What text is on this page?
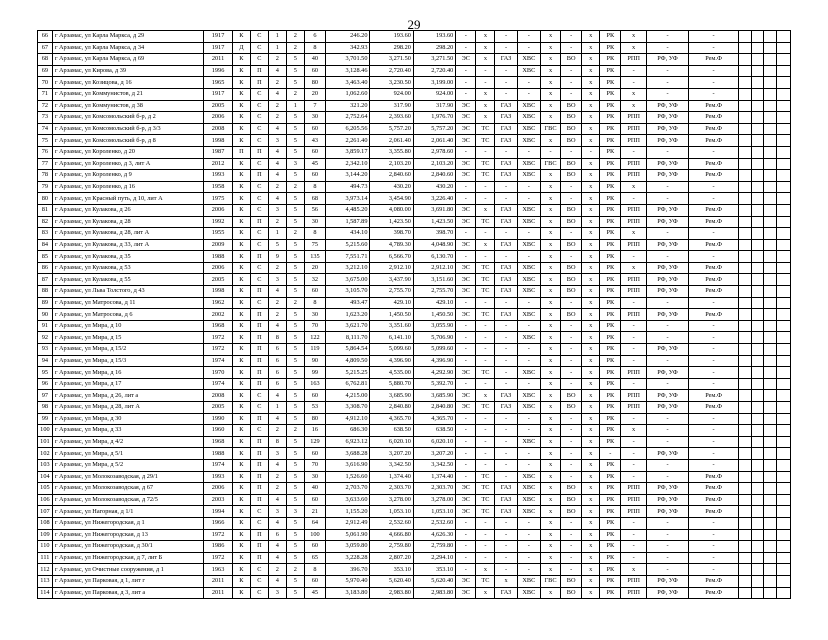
29
66	г Арзамас, ул Карла Маркса, д 29	1917	К	С	1	2	6	246.20	193.60	193.60	-	х	-	-	х	-	х	РК	х	-	-				
67	г Арзамас, ул Карла Маркса, д 34	1917	Д	С	1	2	8	342.93	298.20	298.20	-	х	-	-	х	-	х	РК	х	-	-				
68	г Арзамас, ул Карла Маркса, д 69	2011	К	С	2	5	40	3,701.50	3,271.50	3,271.50	ЭС	х	ГАЗ	ХВС	х	ВО	х	РК	РПП	РФ, УФ	Рем.Ф				
69	г Арзамас, ул Кирова, д 39	1996	К	П	4	5	60	3,128.46	2,720.40	2,720.40	-	-	-	ХВС	х	-	х	РК	-	-	-				
70	г Арзамас, ул Козицова, д 16	1965	К	П	2	5	80	3,463.40	3,230.50	3,199.00	-	-	-	-	х	-	х	РК	-	-	-				
71	г Арзамас, ул Коммунистов, д 21	1917	К	С	4	2	20	1,062.60	924.00	924.00	-	х	-	-	х	-	х	РК	х	-	-				
72	г Арзамас, ул Коммунистов, д 38	2005	К	С	2	1	7	321.20	317.90	317.90	ЭС	х	ГАЗ	ХВС	х	ВО	х	РК	х	РФ, УФ	Рем.Ф				
73	г Арзамас, ул Комсомольский б-р, д 2	2006	К	С	2	5	30	2,752.64	2,393.60	1,976.70	ЭС	х	ГАЗ	ХВС	х	ВО	х	РК	РПП	РФ, УФ	Рем.Ф				
74	г Арзамас, ул Комсомольский б-р, д 3/3	2008	К	С	4	5	60	6,205.56	5,757.20	5,757.20	ЭС	ТС	ГАЗ	ХВС	ГВС	ВО	х	РК	РПП	РФ, УФ	Рем.Ф				
75	г Арзамас, ул Комсомольский б-р, д 8	1998	К	С	3	5	43	2,261.40	2,061.40	2,061.40	ЭС	ТС	ГАЗ	ХВС	х	ВО	х	РК	РПП	РФ, УФ	Рем.Ф				
76	г Арзамас, ул Короленко, д 20	1987	П	П	4	5	60	3,859.17	3,355.80	2,978.60	-	-	-	-	-	-	-	РК	-	-	-				
77	г Арзамас, ул Короленко, д 3, лит А	2012	К	С	4	3	45	2,342.10	2,103.20	2,103.20	ЭС	ТС	ГАЗ	ХВС	ГВС	ВО	х	РК	РПП	РФ, УФ	Рем.Ф				
78	г Арзамас, ул Короленко, д 9	1993	К	П	4	5	60	3,144.20	2,840.60	2,840.60	ЭС	ТС	ГАЗ	ХВС	х	ВО	х	РК	РПП	РФ, УФ	Рем.Ф				
79	г Арзамас, ул Короленко, д 16	1958	К	С	2	2	8	494.73	430.20	430.20	-	-	-	-	х	-	х	РК	х	-	-				
80	г Арзамас, ул Красный путь, д 10, лит А	1975	К	С	4	5	68	3,973.14	3,454.90	3,226.40	-	-	-	-	х	-	х	РК	-	-	-				
81	г Арзамас, ул Кулакова, д 26	2006	К	С	3	5	56	4,485.20	4,080.00	3,691.80	ЭС	х	ГАЗ	ХВС	х	ВО	х	РК	РПП	РФ, УФ	Рем.Ф				
82	г Арзамас, ул Кулакова, д 28	1992	К	П	2	5	30	1,587.89	1,423.50	1,423.50	ЭС	ТС	ГАЗ	ХВС	х	ВО	х	РК	РПП	РФ, УФ	Рем.Ф				
83	г Арзамас, ул Кулакова, д 28, лит А	1955	К	С	1	2	8	434.10	398.70	398.70	-	-	-	-	х	-	х	РК	х	-	-				
84	г Арзамас, ул Кулакова, д 33, лит А	2009	К	С	5	5	75	5,215.60	4,789.30	4,048.90	ЭС	х	ГАЗ	ХВС	х	ВО	х	РК	РПП	РФ, УФ	Рем.Ф				
85	г Арзамас, ул Кулакова, д 35	1988	К	П	9	5	135	7,551.71	6,566.70	6,130.70	-	-	-	-	х	-	х	РК	-	-	-				
86	г Арзамас, ул Кулакова, д 53	2006	К	С	2	5	20	3,212.10	2,912.10	2,912.10	ЭС	ТС	ГАЗ	ХВС	х	ВО	х	РК	х	РФ, УФ	Рем.Ф				
87	г Арзамас, ул Кулакова, д 55	2005	К	С	3	5	32	3,675.00	3,437.90	3,151.60	ЭС	ТС	ГАЗ	ХВС	х	ВО	х	РК	РПП	РФ, УФ	Рем.Ф				
88	г Арзамас, ул Льва Толстого, д 43	1998	К	П	4	5	60	3,105.70	2,755.70	2,755.70	ЭС	ТС	ГАЗ	ХВС	х	ВО	х	РК	РПП	РФ, УФ	Рем.Ф				
89	г Арзамас, ул Матросова, д 11	1962	К	С	2	2	8	493.47	429.10	429.10	-	-	-	-	х	-	х	РК	-	-	-				
90	г Арзамас, ул Матросова, д 6	2002	К	П	2	5	30	1,623.20	1,450.50	1,450.50	ЭС	ТС	ГАЗ	ХВС	х	ВО	х	РК	РПП	РФ, УФ	Рем.Ф				
91	г Арзамас, ул Мира, д 10	1968	К	П	4	5	70	3,621.70	3,351.60	3,055.90	-	-	-	-	х	-	х	РК	-	-	-				
92	г Арзамас, ул Мира, д 15	1972	К	П	8	5	122	8,111.70	6,141.10	5,706.90	-	-	-	ХВС	х	-	х	РК	-	-	-				
93	г Арзамас, ул Мира, д 15/2	1972	К	П	6	5	119	5,864.54	5,099.60	5,099.60	-	-	-	-	х	-	х	РК	-	РФ, УФ	-				
94	г Арзамас, ул Мира, д 15/3	1974	К	П	6	5	90	4,809.50	4,396.90	4,396.90	-	-	-	-	х	-	х	РК	-	-	-				
95	г Арзамас, ул Мира, д 16	1970	К	П	6	5	99	5,215.25	4,535.00	4,292.90	ЭС	ТС	-	ХВС	х	-	х	РК	РПП	РФ, УФ	-				
96	г Арзамас, ул Мира, д 17	1974	К	П	6	5	163	6,762.81	5,880.70	5,392.70	-	-	-	-	х	-	х	РК	-	-	-				
97	г Арзамас, ул Мира, д 26, лит а	2008	К	С	4	5	60	4,215.00	3,685.90	3,685.90	ЭС	х	ГАЗ	ХВС	х	ВО	х	РК	РПП	РФ, УФ	Рем.Ф				
98	г Арзамас, ул Мира, д 28, лит А	2005	К	С	1	5	53	3,308.70	2,840.80	2,840.80	ЭС	ТС	ГАЗ	ХВС	х	ВО	х	РК	РПП	РФ, УФ	Рем.Ф				
99	г Арзамас, ул Мира, д 30	1990	К	П	4	5	80	4,912.10	4,365.70	4,365.70	-	-	-	-	х	-	х	РК	-	-	-				
100	г Арзамас, ул Мира, д 33	1960	К	С	2	2	16	686.30	638.50	638.50	-	-	-	-	х	-	х	РК	х	-	-				
101	г Арзамас, ул Мира, д 4/2	1968	К	П	8	5	129	6,923.12	6,020.10	6,020.10	-	-	-	ХВС	х	-	х	РК	-	-	-				
102	г Арзамас, ул Мира, д 5/1	1988	К	П	3	5	60	3,688.28	3,207.20	3,207.20	-	-	-	-	х	-	х	-	-	РФ, УФ	-				
103	г Арзамас, ул Мира, д 5/2	1974	К	П	4	5	70	3,616.90	3,342.50	3,342.50	-	-	-	-	х	-	х	РК	-	-	-				
104	г Арзамас, ул Молокозаводская, д 29/1	1993	К	П	2	5	30	1,526.60	1,374.40	1,374.40	-	ТС	-	ХВС	х	-	х	РК	-	-	Рем.Ф				
105	г Арзамас, ул Молокозаводская, д 67	2006	К	П	2	5	40	2,703.70	2,303.70	2,303.70	ЭС	ТС	ГАЗ	ХВС	х	ВО	х	РК	РПП	РФ, УФ	Рем.Ф				
106	г Арзамас, ул Молокозаводская, д 72/5	2003	К	П	4	5	60	3,633.60	3,278.00	3,278.00	ЭС	ТС	ГАЗ	ХВС	х	ВО	х	РК	РПП	РФ, УФ	Рем.Ф				
107	г Арзамас, ул Нагорная, д 1/1	1994	К	С	3	3	21	1,155.20	1,053.10	1,053.10	ЭС	ТС	ГАЗ	ХВС	х	ВО	х	РК	РПП	РФ, УФ	Рем.Ф				
108	г Арзамас, ул Нижегородская, д 1	1966	К	С	4	5	64	2,912.49	2,532.60	2,532.60	-	-	-	-	х	-	х	РК	-	-	-				
109	г Арзамас, ул Нижегородская, д 13	1972	К	П	6	5	100	5,061.90	4,666.80	4,626.30	-	-	-	-	х	-	х	РК	-	-	-				
110	г Арзамас, ул Нижегородская, д 30/1	1986	К	П	4	5	60	3,059.80	2,759.80	2,759.80	-	-	-	-	х	-	х	РК	-	-	-				
111	г Арзамас, ул Нижегородская, д 7, лит Б	1972	К	П	4	5	65	3,228.28	2,807.20	2,294.10	-	-	-	-	х	-	х	РК	-	-	-				
112	г Арзамас, ул Очистные сооружения, д 1	1963	К	С	2	2	8	396.70	353.10	353.10	-	х	-	-	х	-	х	РК	х	-	-				
113	г Арзамас, ул Парковая, д 1, лит г	2011	К	С	4	5	60	5,970.40	5,620.40	5,620.40	ЭС	ТС	х	ХВС	ГВС	ВО	х	РК	РПП	РФ, УФ	Рем.Ф				
114	г Арзамас, ул Парковая, д 3, лит а	2011	К	С	3	5	45	3,183.80	2,983.80	2,983.80	ЭС	х	ГАЗ	ХВС	х	ВО	х	РК	РПП	РФ, УФ	Рем.Ф				
